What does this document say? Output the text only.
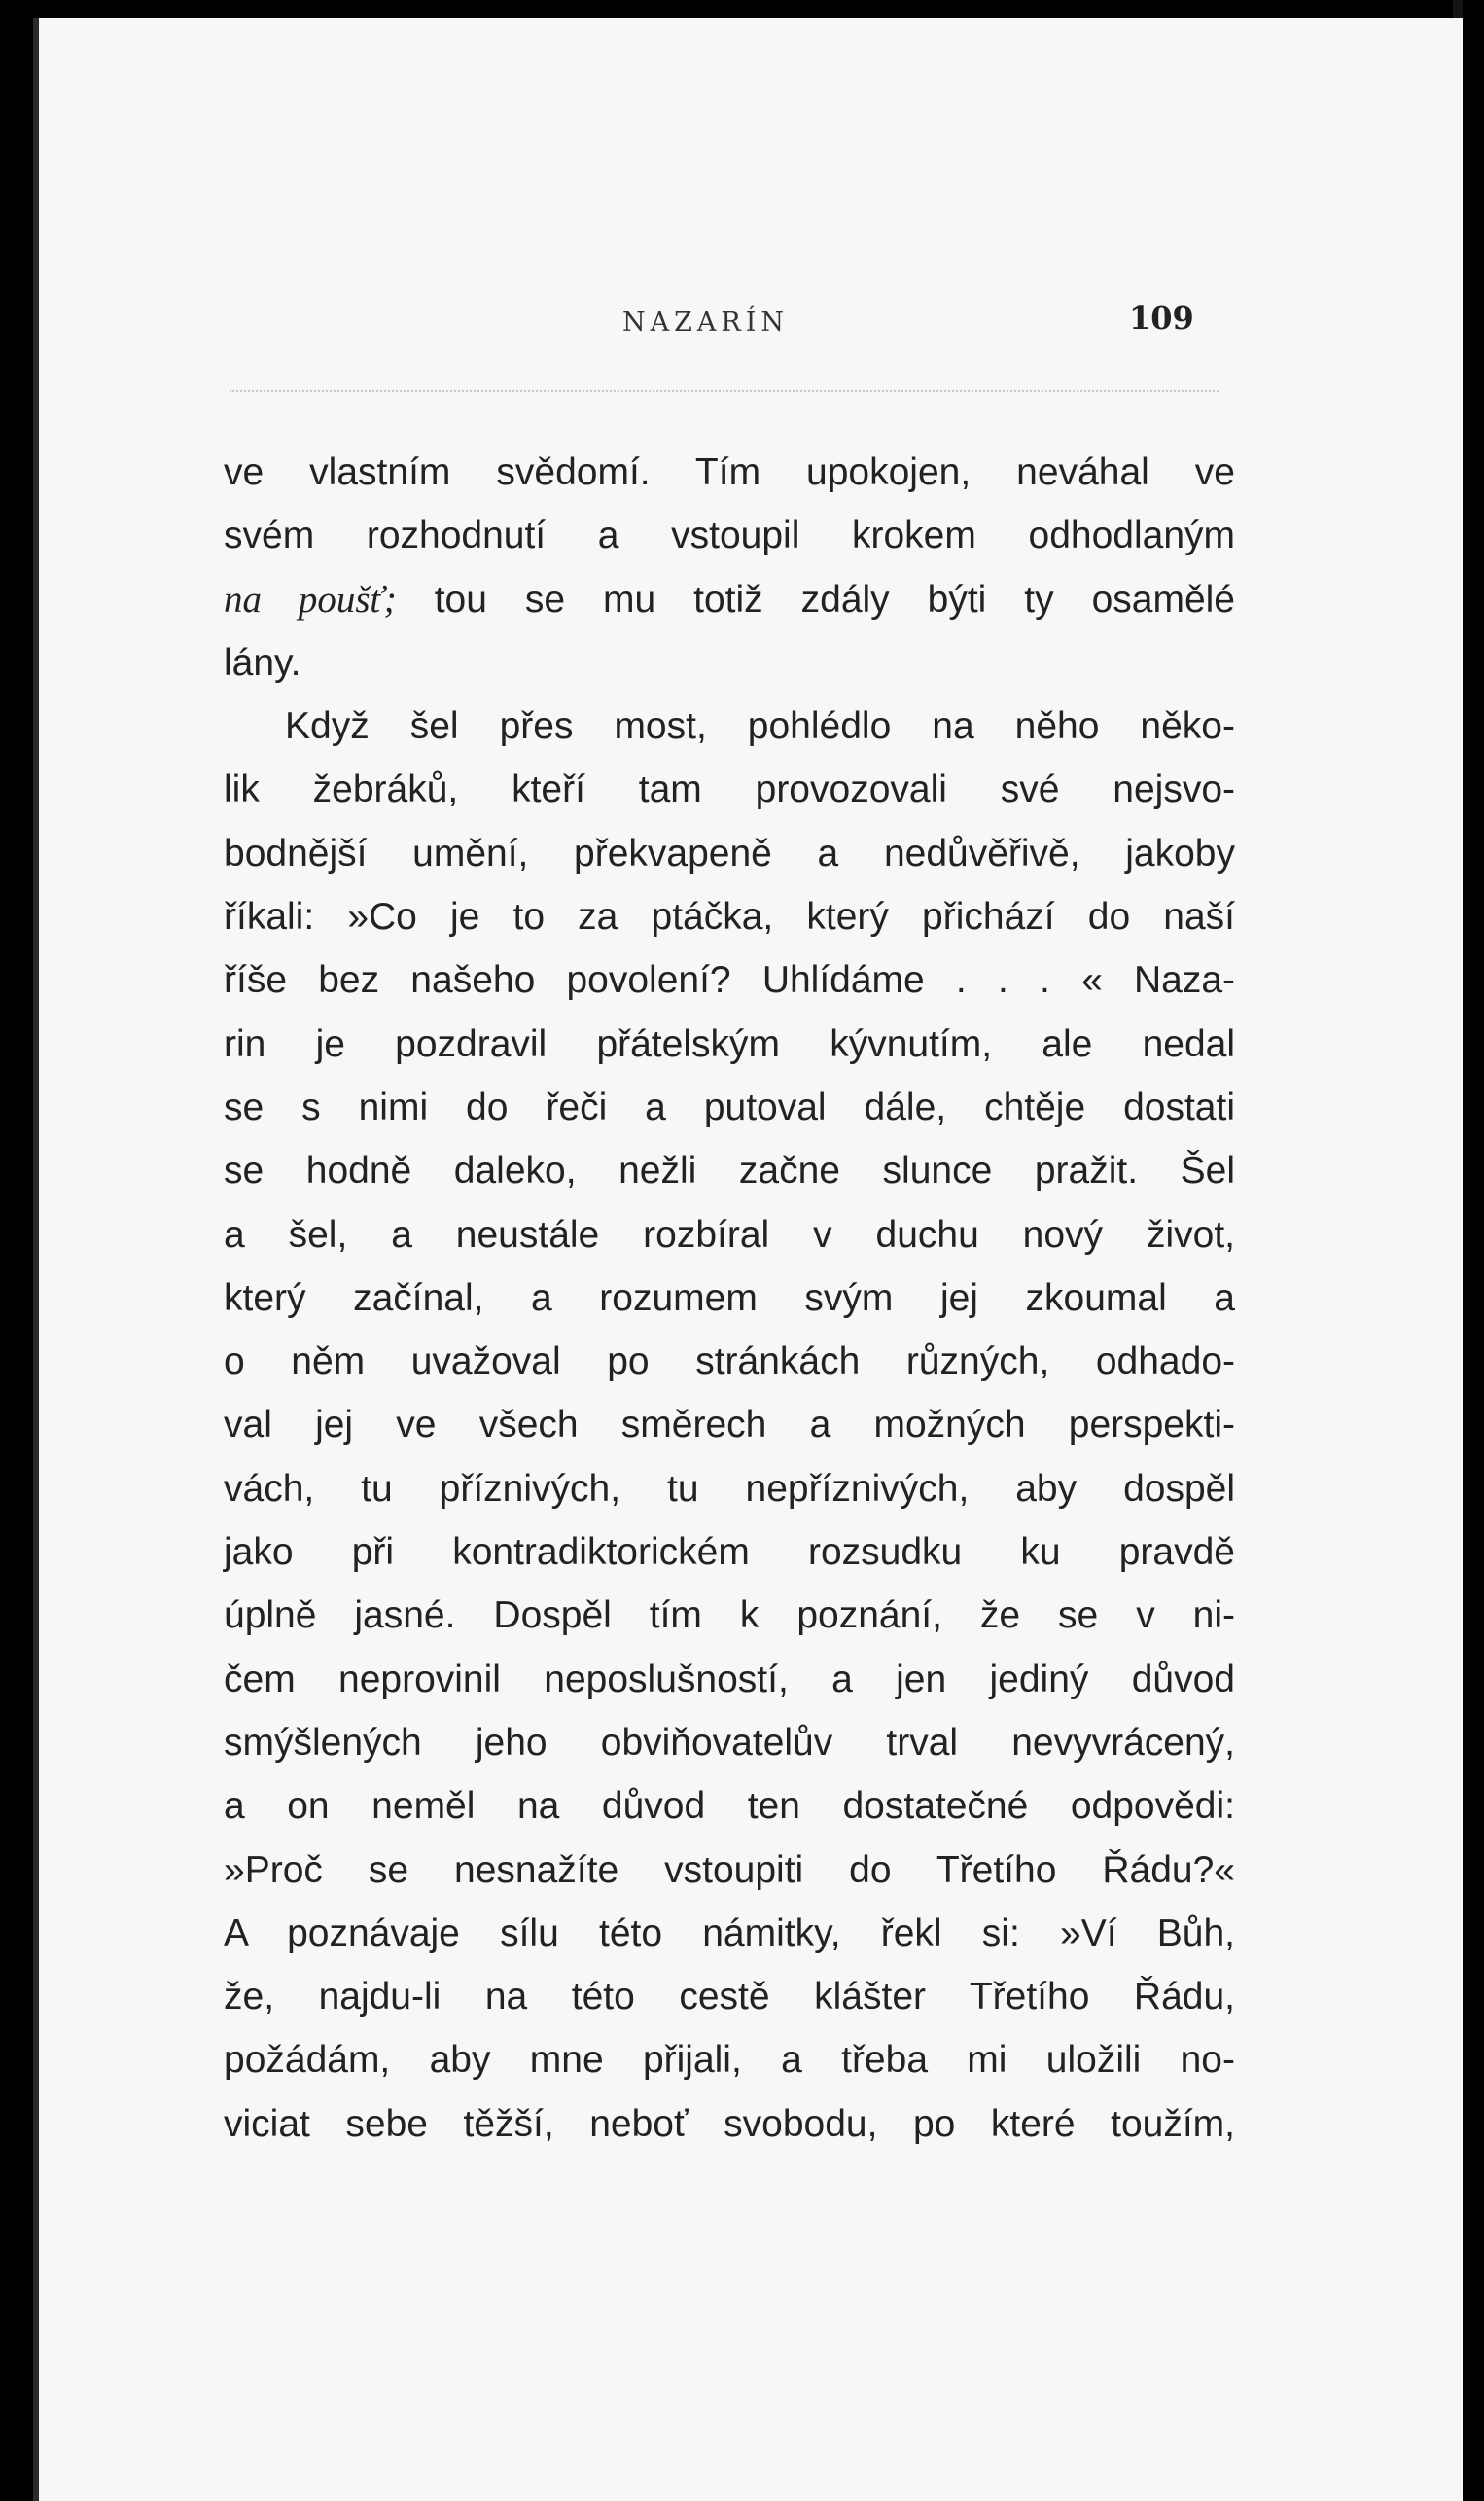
NAZARÍN	109
ve vlastním svědomí. Tím upokojen, neváhal ve
svém rozhodnutí a vstoupil krokem odhodlaným
na poušť; tou se mu totiž zdály býti ty osamělé
lány.
Když šel přes most, pohlédlo na něho něko-
lik žebráků, kteří tam provozovali své nejsvo-
bodnější umění, překvapeně a nedůvěřivě, jakoby
říkali: »Co je to za ptáčka, který přichází do naší
říše bez našeho povolení? Uhlídáme . . . « Naza-
rin je pozdravil přátelským kývnutím, ale nedal
se s nimi do řeči a putoval dále, chtěje dostati
se hodně daleko, nežli začne slunce pražit. Šel
a šel, a neustále rozbíral v duchu nový život,
který začínal, a rozumem svým jej zkoumal a
o něm uvažoval po stránkách různých, odhado-
val jej ve všech směrech a možných perspekti-
vách, tu příznivých, tu nepříznivých, aby dospěl
jako při kontradiktorickém rozsudku ku pravdě
úplně jasné. Dospěl tím k poznání, že se v ni-
čem neprovinil neposlušností, a jen jediný důvod
smýšlených jeho obviňovatelův trval nevyvrácený,
a on neměl na důvod ten dostatečné odpovědi:
»Proč se nesnažíte vstoupiti do Třetího Řádu?«
A poznávaje sílu této námitky, řekl si: »Ví Bůh,
že, najdu-li na této cestě klášter Třetího Řádu,
požádám, aby mne přijali, a třeba mi uložili no-
viciat sebe těžší, neboť svobodu, po které toužím,
